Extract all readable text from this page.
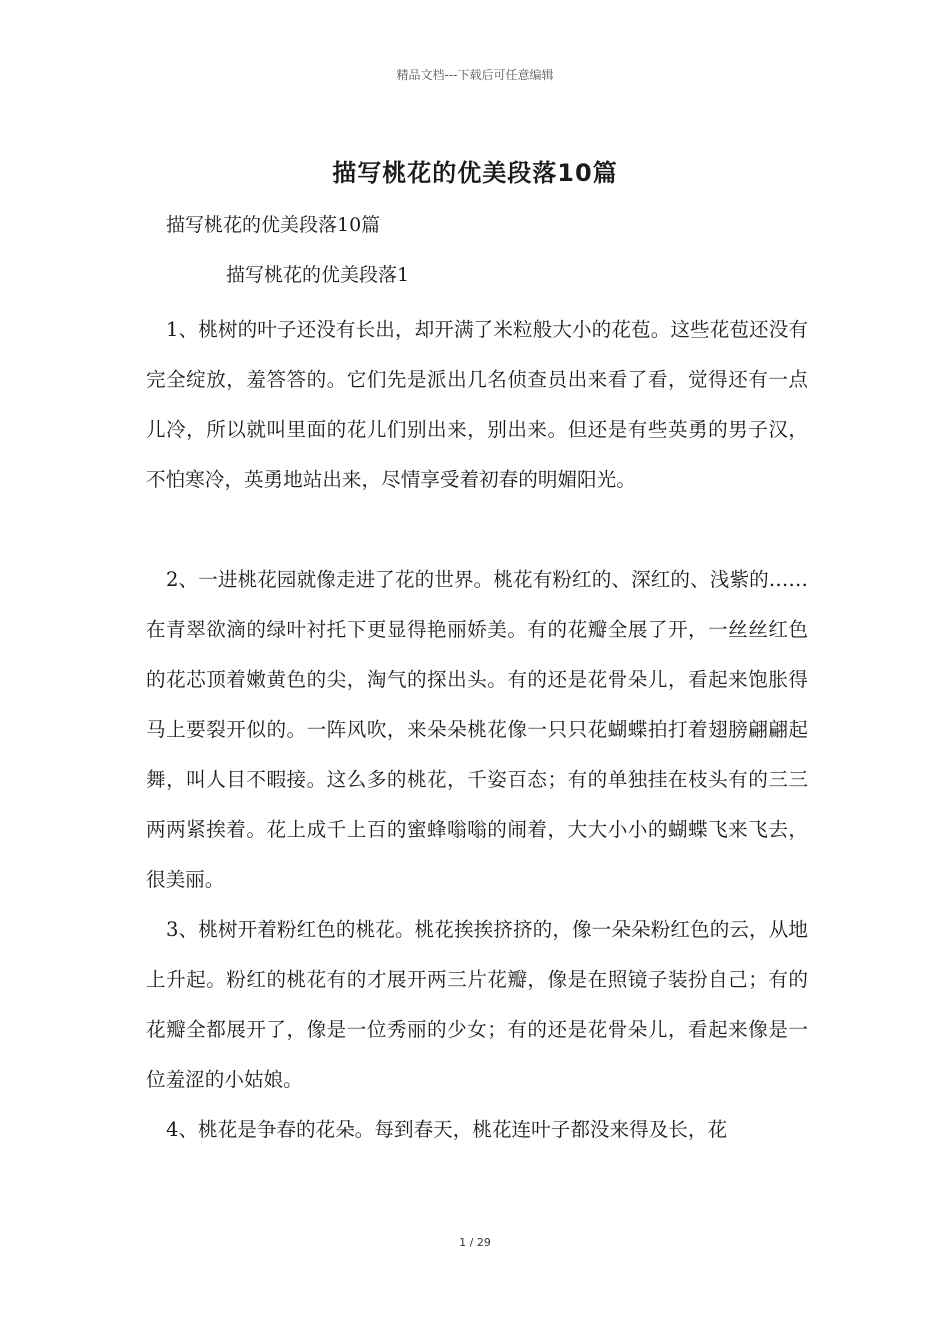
精品文档---下载后可任意编辑
描写桃花的优美段落10篇
描写桃花的优美段落10篇
描写桃花的优美段落1

1、桃树的叶子还没有长出，却开满了米粒般大小的花苞。这些花苞还没有完全绽放，羞答答的。它们先是派出几名侦查员出来看了看，觉得还有一点儿冷，所以就叫里面的花儿们别出来，别出来。但还是有些英勇的男子汉，不怕寒冷，英勇地站出来，尽情享受着初春的明媚阳光。

2、一进桃花园就像走进了花的世界。桃花有粉红的、深红的、浅紫的……在青翠欲滴的绿叶衬托下更显得艳丽娇美。有的花瓣全展了开，一丝丝红色的花芯顶着嫩黄色的尖，淘气的探出头。有的还是花骨朵儿，看起来饱胀得马上要裂开似的。一阵风吹，来朵朵桃花像一只只花蝴蝶拍打着翅膀翩翩起舞，叫人目不暇接。这么多的桃花，千姿百态；有的单独挂在枝头有的三三两两紧挨着。花上成千上百的蜜蜂嗡嗡的闹着，大大小小的蝴蝶飞来飞去，很美丽。

3、桃树开着粉红色的桃花。桃花挨挨挤挤的，像一朵朵粉红色的云，从地上升起。粉红的桃花有的才展开两三片花瓣，像是在照镜子装扮自己；有的花瓣全都展开了，像是一位秀丽的少女；有的还是花骨朵儿，看起来像是一位羞涩的小姑娘。

4、桃花是争春的花朵。每到春天，桃花连叶子都没来得及长，花

1 / 29
